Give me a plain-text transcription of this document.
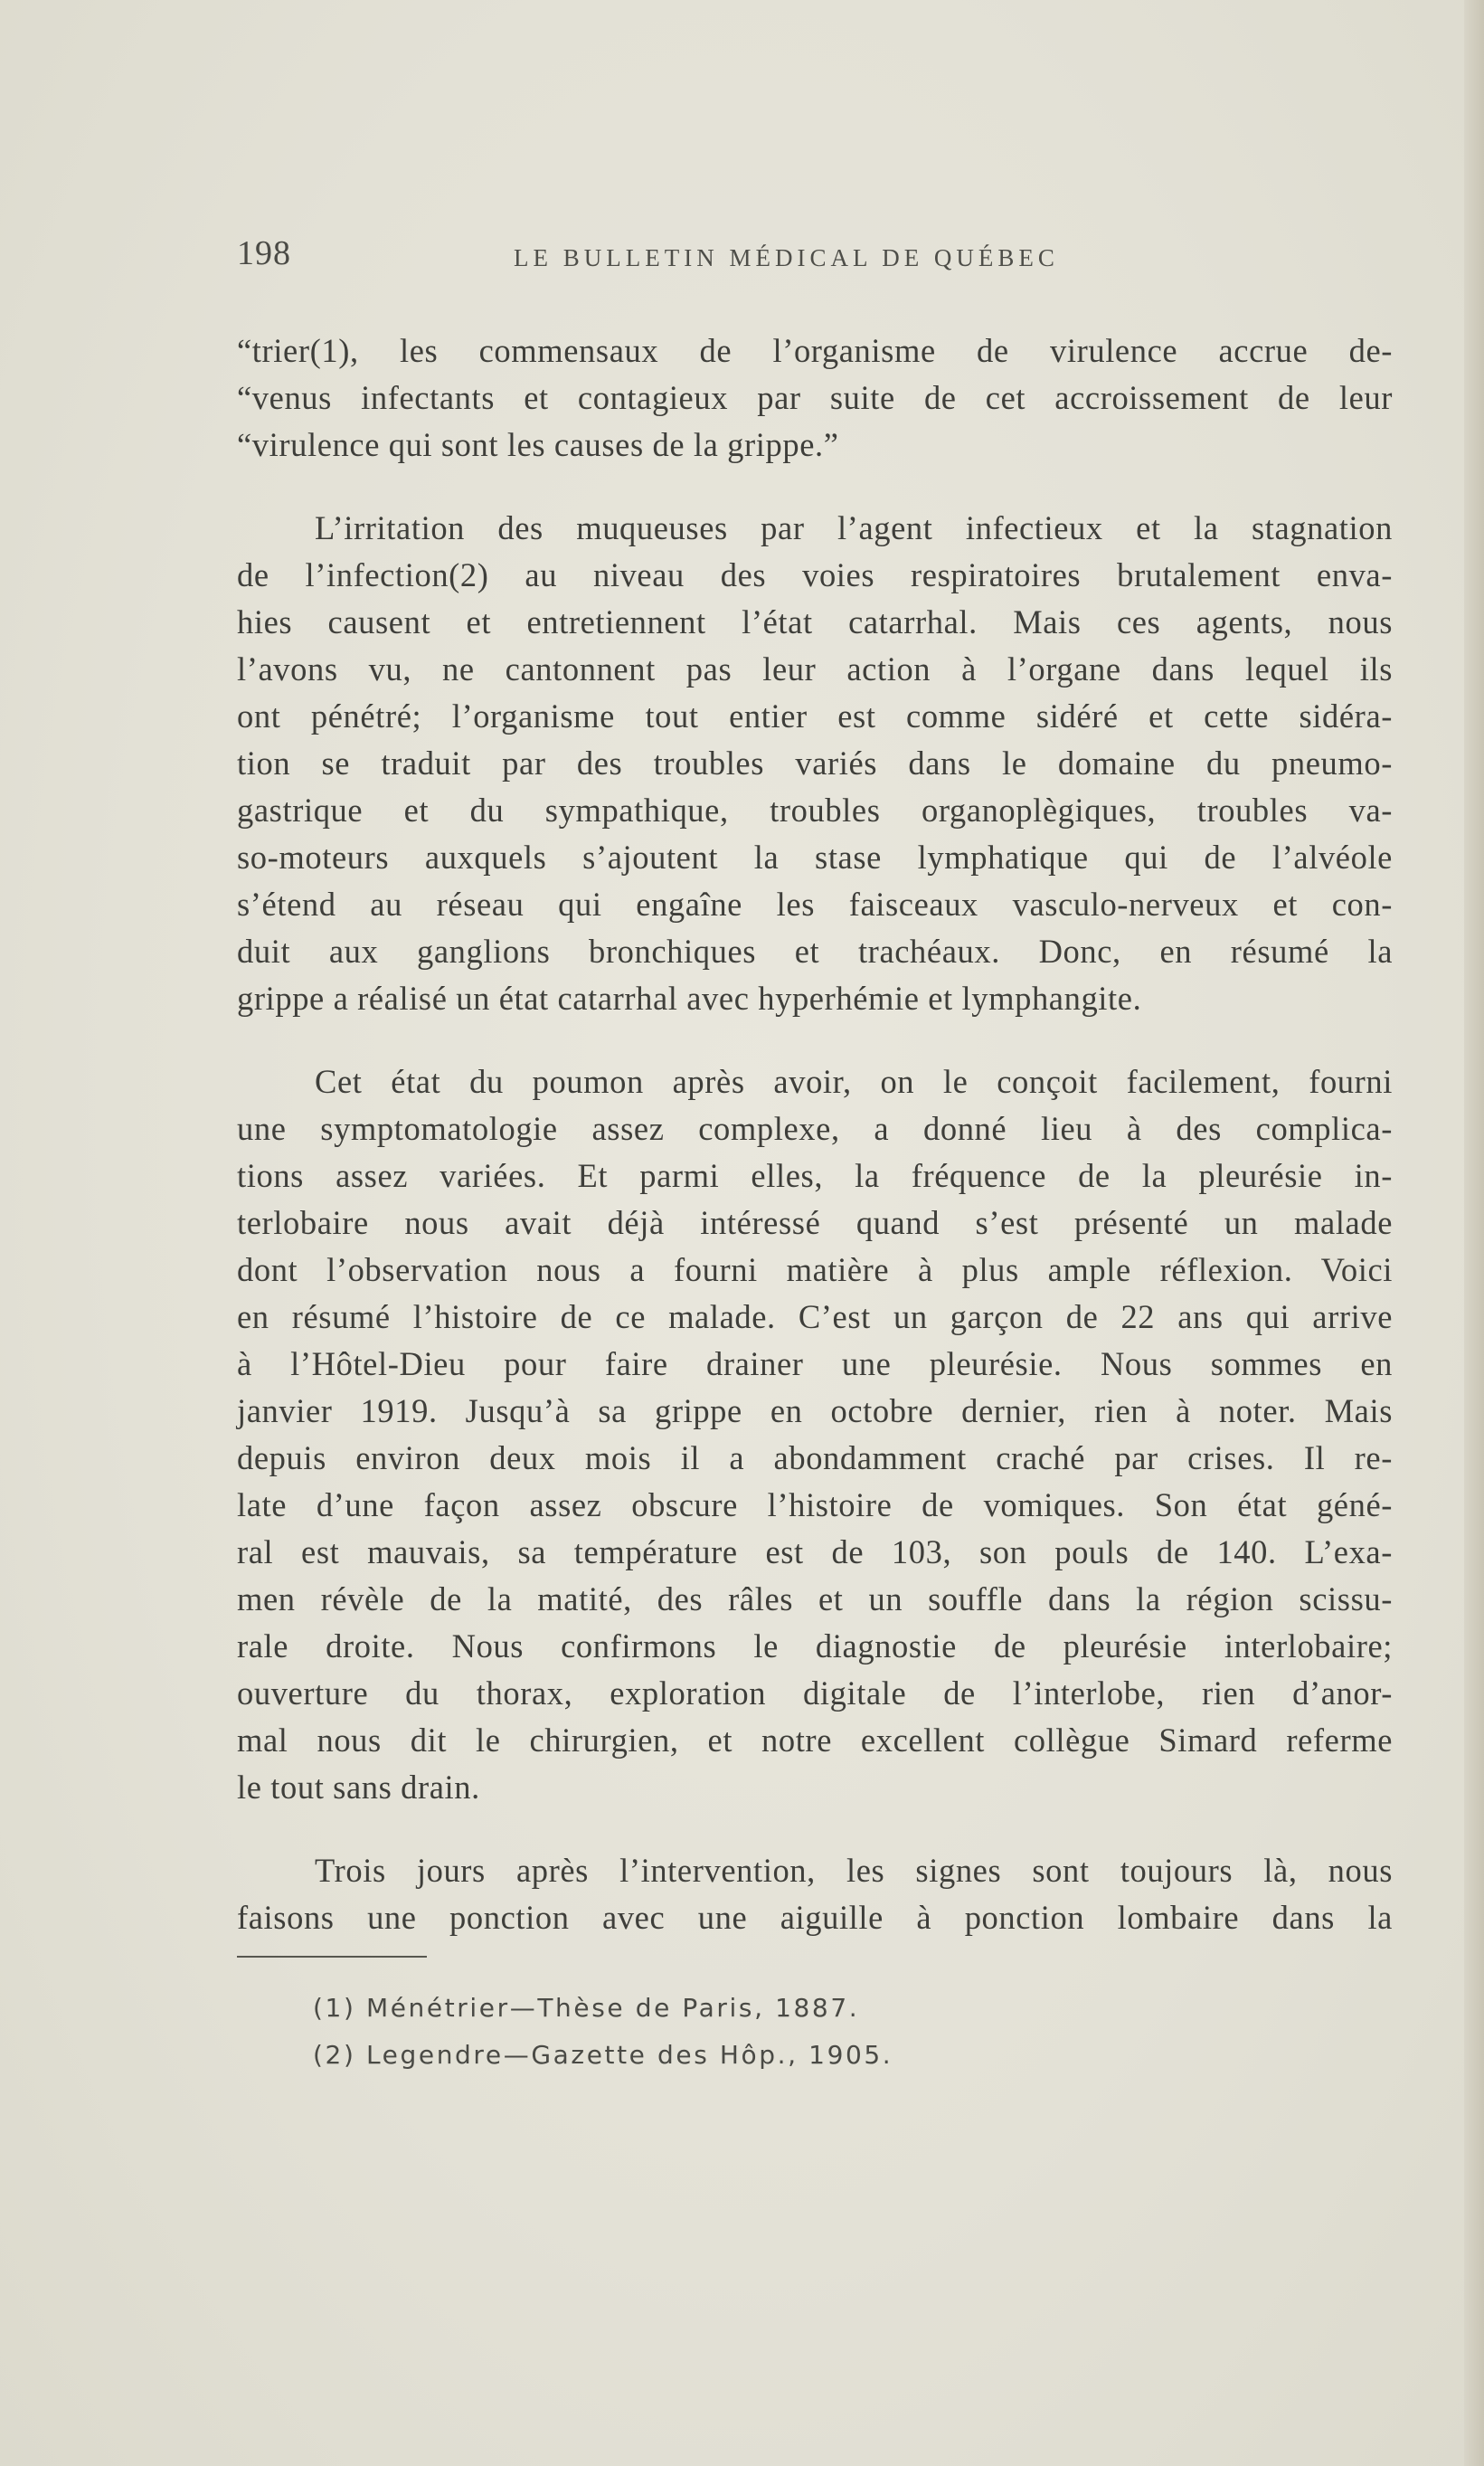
198	LE BULLETIN MÉDICAL DE QUÉBEC

“trier(1), les commensaux de l’organisme de virulence accrue de-
“venus infectants et contagieux par suite de cet accroissement de leur
“virulence qui sont les causes de la grippe.”

L’irritation des muqueuses par l’agent infectieux et la stagnation
de l’infection(2) au niveau des voies respiratoires brutalement enva-
hies causent et entretiennent l’état catarrhal. Mais ces agents, nous
l’avons vu, ne cantonnent pas leur action à l’organe dans lequel ils
ont pénétré; l’organisme tout entier est comme sidéré et cette sidéra-
tion se traduit par des troubles variés dans le domaine du pneumo-
gastrique et du sympathique, troubles organoplègiques, troubles va-
so-moteurs auxquels s’ajoutent la stase lymphatique qui de l’alvéole
s’étend au réseau qui engaîne les faisceaux vasculo-nerveux et con-
duit aux ganglions bronchiques et trachéaux. Donc, en résumé la
grippe a réalisé un état catarrhal avec hyperhémie et lymphangite.

Cet état du poumon après avoir, on le conçoit facilement, fourni
une symptomatologie assez complexe, a donné lieu à des complica-
tions assez variées. Et parmi elles, la fréquence de la pleurésie in-
terlobaire nous avait déjà intéressé quand s’est présenté un malade
dont l’observation nous a fourni matière à plus ample réflexion. Voici
en résumé l’histoire de ce malade. C’est un garçon de 22 ans qui arrive
à l’Hôtel-Dieu pour faire drainer une pleurésie. Nous sommes en
janvier 1919. Jusqu’à sa grippe en octobre dernier, rien à noter. Mais
depuis environ deux mois il a abondamment craché par crises. Il re-
late d’une façon assez obscure l’histoire de vomiques. Son état géné-
ral est mauvais, sa température est de 103, son pouls de 140. L’exa-
men révèle de la matité, des râles et un souffle dans la région scissu-
rale droite. Nous confirmons le diagnostie de pleurésie interlobaire;
ouverture du thorax, exploration digitale de l’interlobe, rien d’anor-
mal nous dit le chirurgien, et notre excellent collègue Simard referme
le tout sans drain.

Trois jours après l’intervention, les signes sont toujours là, nous
faisons une ponction avec une aiguille à ponction lombaire dans la

(1) Ménétrier—Thèse de Paris, 1887.
(2) Legendre—Gazette des Hôp., 1905.
